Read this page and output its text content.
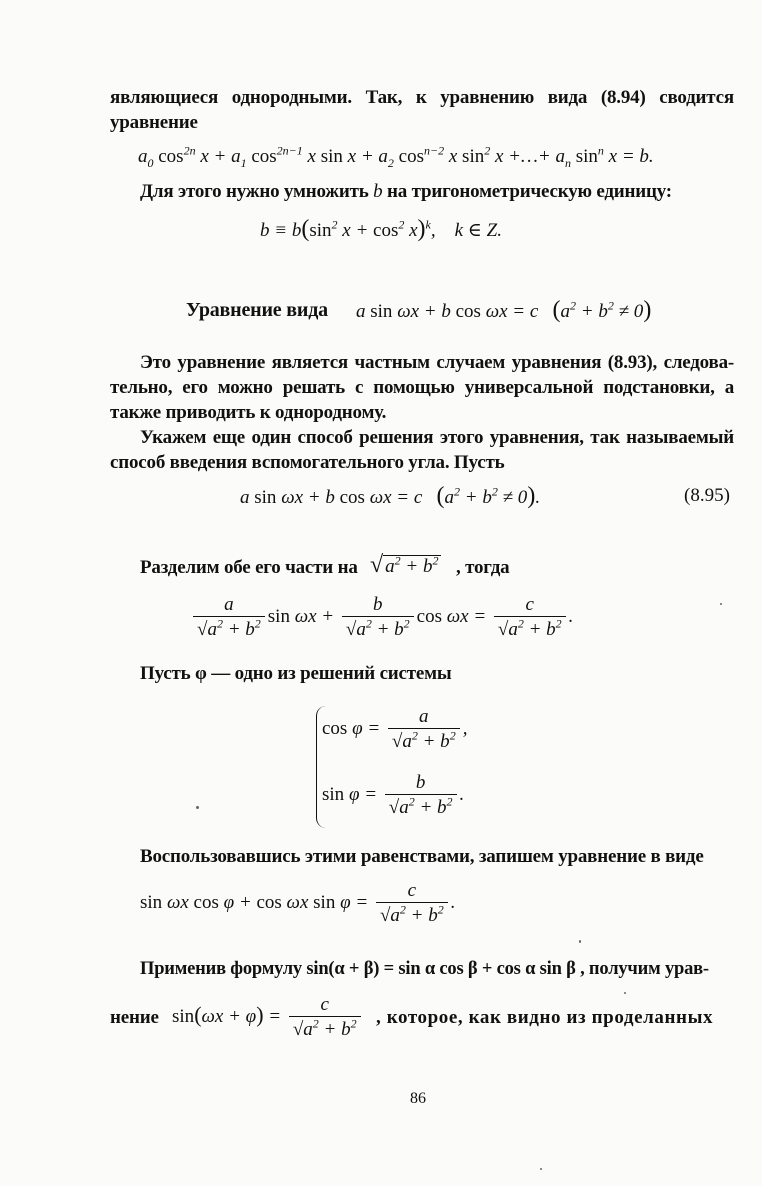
являющиеся однородными. Так, к уравнению вида (8.94) сводится
уравнение
$a_0$ $\cos^{2n} x + a_1$ $\cos^{2n-1} x$ $\sin x + a_2$ $\cos^{n-2} x$ $\sin^2 x$ +…+ $a_n$ $\sin^n x = b$.
Для этого нужно умножить b на тригонометрическую единицу:
$b \equiv b(\sin^2$ $x + \cos^2 x)^k$,    k ∈ Z.
Уравнение вида a sin ωx + b cos ωx = c   $(a^2 + b^2 \ne 0)$
Это уравнение является частным случаем уравнения (8.93), следова-
тельно, его можно решать с помощью универсальной подстановки, а
также приводить к однородному.
Укажем еще один способ решения этого уравнения, так называемый
способ введения вспомогательного угла. Пусть
a sin ωx + b cos ωx = c   $(a^2 + b^2 \ne 0)$.	(8.95)
Разделим обе его части на √ $a^2 + b^2$ , тогда
$\frac{a}{√a^2 + b^2}$ $\sin \omega x + \frac{b}{√a^2 + b^2}$ $\cos \omega x = \frac{c}{√a^2 + b^2}$ .
Пусть φ — одно из решений системы
$\cos \varphi = \frac{a}{√a^2 + b^2}$ ,
$\sin \varphi = \frac{b}{√a^2 + b^2}$ .
Воспользовавшись этими равенствами, запишем уравнение в виде
sin ωx cos φ + cos ωx $\sin \varphi = \frac{c}{√a^2 + b^2}$ .
Применив формулу sin(α + β) = sin α cos β + cos α sin β , получим урав-
нение $\sin(\omega x + \varphi) = \frac{c}{√a^2 + b^2}$ , которое, как видно из проделанных
86
